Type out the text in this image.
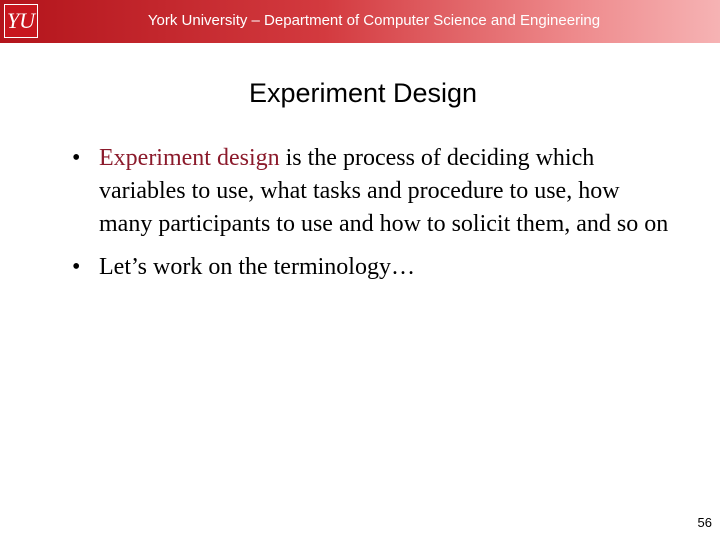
YU	York University – Department of Computer Science and Engineering
Experiment Design
• Experiment design is the process of deciding which variables to use, what tasks and procedure to use, how many participants to use and how to solicit them, and so on
• Let’s work on the terminology…
56
